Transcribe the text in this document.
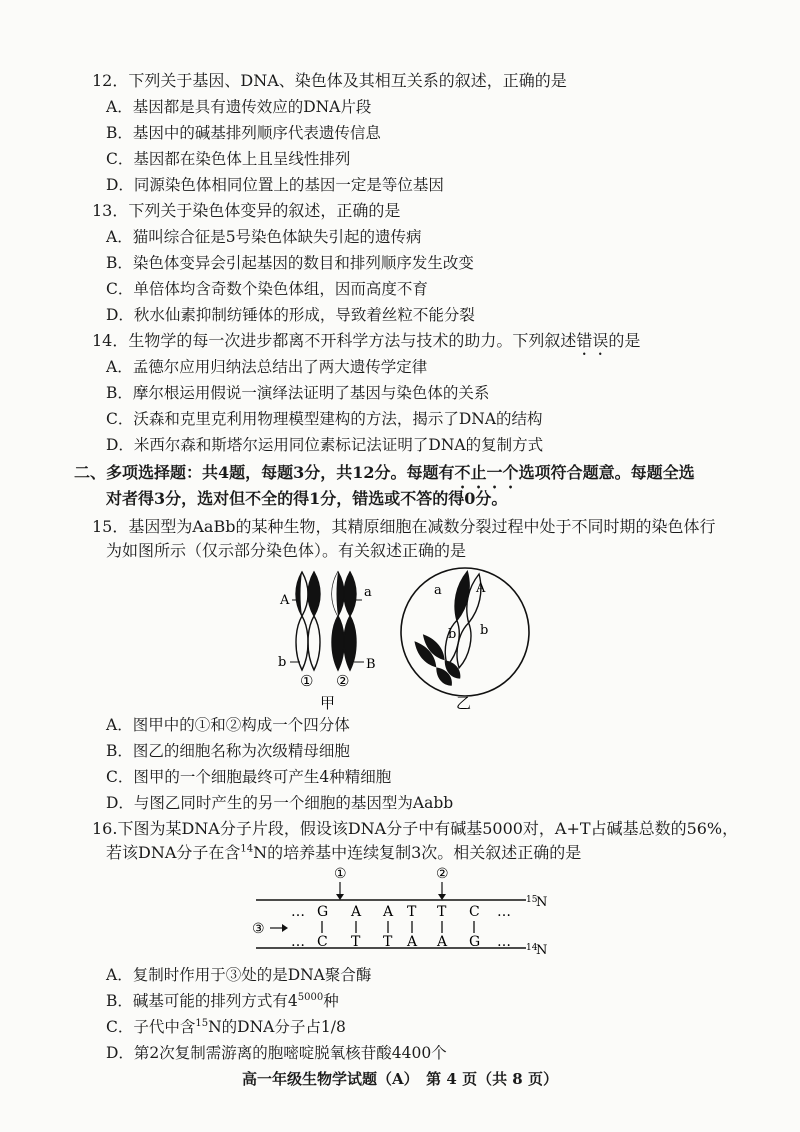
12．下列关于基因、DNA、染色体及其相互关系的叙述，正确的是
A．基因都是具有遗传效应的DNA片段
B．基因中的碱基排列顺序代表遗传信息
C．基因都在染色体上且呈线性排列
D．同源染色体相同位置上的基因一定是等位基因
13．下列关于染色体变异的叙述，正确的是
A．猫叫综合征是5号染色体缺失引起的遗传病
B．染色体变异会引起基因的数目和排列顺序发生改变
C．单倍体均含奇数个染色体组，因而高度不育
D．秋水仙素抑制纺锤体的形成，导致着丝粒不能分裂
14．生物学的每一次进步都离不开科学方法与技术的助力。下列叙述错误的是
A．孟德尔应用归纳法总结出了两大遗传学定律
B．摩尔根运用假说一演绎法证明了基因与染色体的关系
C．沃森和克里克利用物理模型建构的方法，揭示了DNA的结构
D．米西尔森和斯塔尔运用同位素标记法证明了DNA的复制方式
二、多项选择题：共4题，每题3分，共12分。每题有不止一个选项符合题意。每题全选
对者得3分，选对但不全的得1分，错选或不答的得0分。
15．基因型为AaBb的某种生物，其精原细胞在减数分裂过程中处于不同时期的染色体行
为如图所示（仅示部分染色体）。有关叙述正确的是
A
b
a
B
① ②
甲
a	A
b b
乙
A．图甲中的①和②构成一个四分体
B．图乙的细胞名称为次级精母细胞
C．图甲的一个细胞最终可产生4种精细胞
D．与图乙同时产生的另一个细胞的基因型为Aabb
16.下图为某DNA分子片段，假设该DNA分子中有碱基5000对，A+T占碱基总数的56%，
若该DNA分子在含$^{14}$N的培养基中连续复制3次。相关叙述正确的是
①	②
15
N
… G A A T T C …
… C T T A A G …
③
14
N
A．复制时作用于③处的是DNA聚合酶
B．碱基可能的排列方式有$4^{5000}$种
C．子代中含$^{15}$N的DNA分子占1/8
D．第2次复制需游离的胞嘧啶脱氧核苷酸4400个
高一年级生物学试题（A）　第 4 页（共 8 页）
